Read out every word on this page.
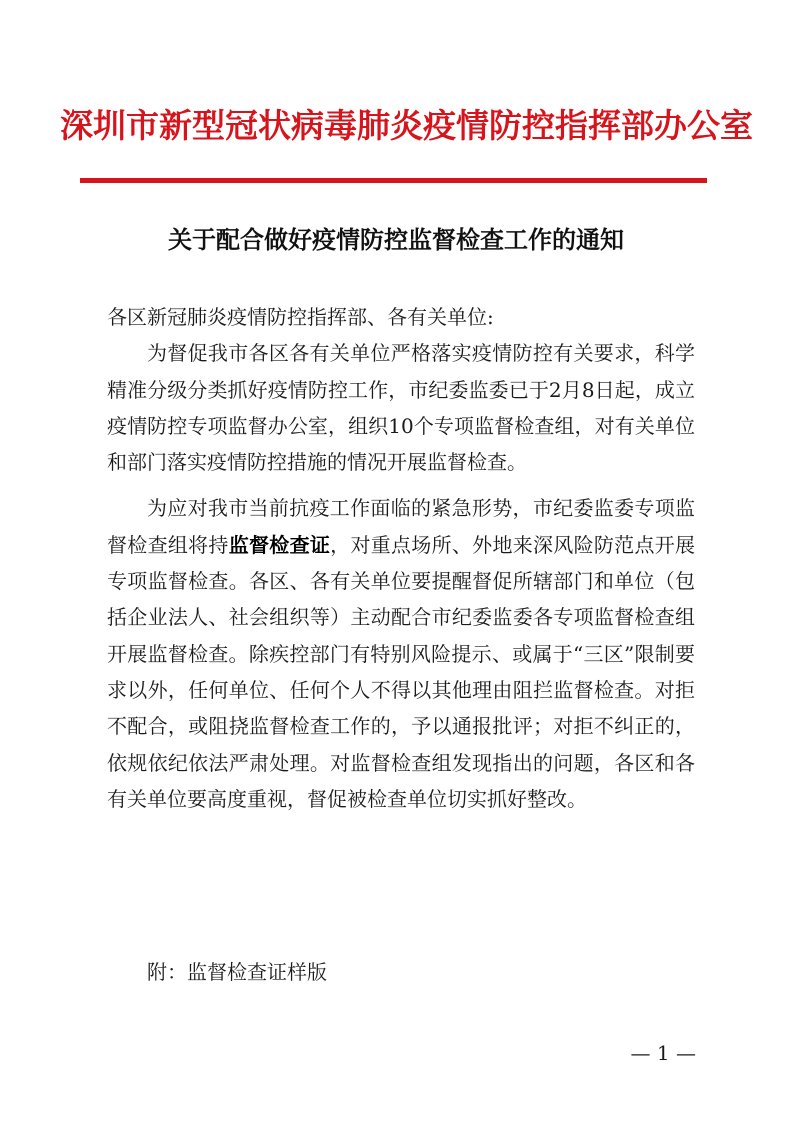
深圳市新型冠状病毒肺炎疫情防控指挥部办公室
关于配合做好疫情防控监督检查工作的通知

各区新冠肺炎疫情防控指挥部、各有关单位:

为督促我市各区各有关单位严格落实疫情防控有关要求，科学精准分级分类抓好疫情防控工作，市纪委监委已于2月8日起，成立疫情防控专项监督办公室，组织10个专项监督检查组，对有关单位和部门落实疫情防控措施的情况开展监督检查。

为应对我市当前抗疫工作面临的紧急形势，市纪委监委专项监督检查组将持监督检查证，对重点场所、外地来深风险防范点开展专项监督检查。各区、各有关单位要提醒督促所辖部门和单位（包括企业法人、社会组织等）主动配合市纪委监委各专项监督检查组开展监督检查。除疾控部门有特别风险提示、或属于“三区”限制要求以外，任何单位、任何个人不得以其他理由阻拦监督检查。对拒不配合，或阻挠监督检查工作的，予以通报批评；对拒不纠正的，依规依纪依法严肃处理。对监督检查组发现指出的问题，各区和各有关单位要高度重视，督促被检查单位切实抓好整改。

附：监督检查证样版
— 1 —
